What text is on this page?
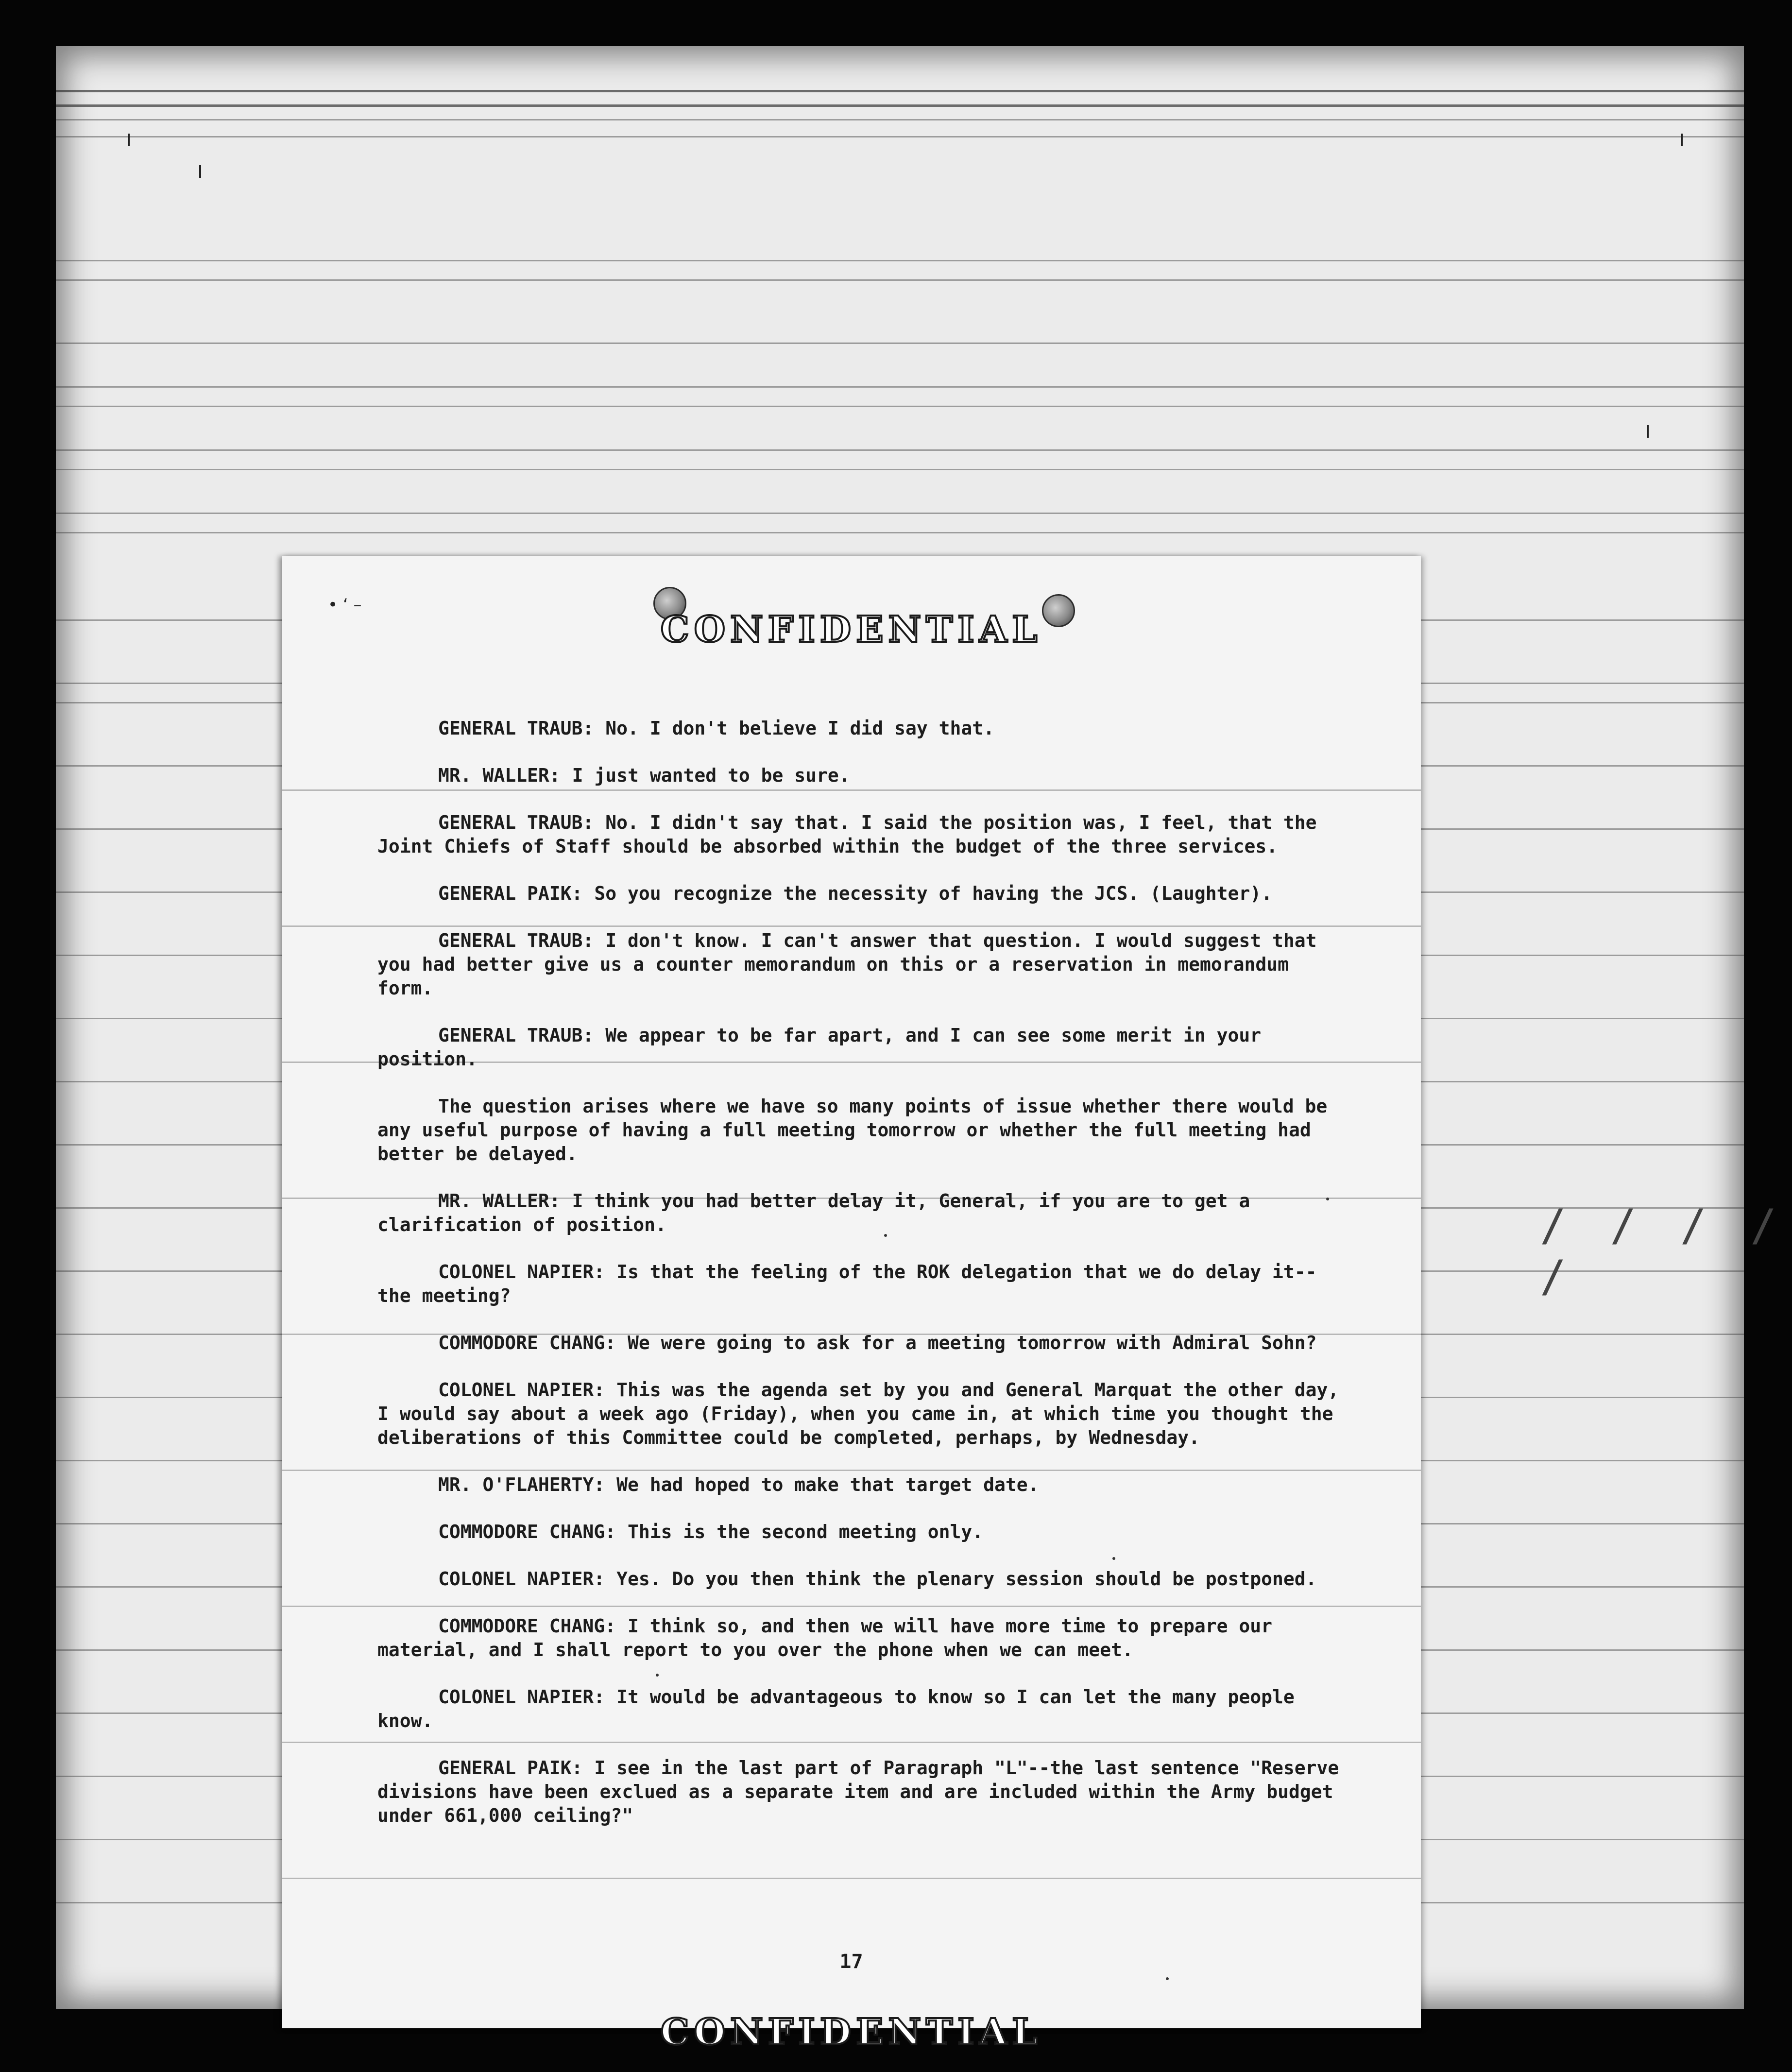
/ / / / /
• ‘ –
CONFIDENTIAL

GENERAL TRAUB: No. I don't believe I did say that.

MR. WALLER: I just wanted to be sure.

GENERAL TRAUB: No. I didn't say that. I said the position was, I feel, that the Joint Chiefs of Staff should be absorbed within the budget of the three services.

GENERAL PAIK: So you recognize the necessity of having the JCS. (Laughter).

GENERAL TRAUB: I don't know. I can't answer that question. I would suggest that you had better give us a counter memorandum on this or a reservation in memorandum form.

GENERAL TRAUB: We appear to be far apart, and I can see some merit in your position.

The question arises where we have so many points of issue whether there would be any useful purpose of having a full meeting tomorrow or whether the full meeting had better be delayed.

MR. WALLER: I think you had better delay it, General, if you are to get a clarification of position.

COLONEL NAPIER: Is that the feeling of the ROK delegation that we do delay it--the meeting?

COMMODORE CHANG: We were going to ask for a meeting tomorrow with Admiral Sohn?

COLONEL NAPIER: This was the agenda set by you and General Marquat the other day, I would say about a week ago (Friday), when you came in, at which time you thought the deliberations of this Committee could be completed, perhaps, by Wednesday.

MR. O'FLAHERTY: We had hoped to make that target date.

COMMODORE CHANG: This is the second meeting only.

COLONEL NAPIER: Yes. Do you then think the plenary session should be postponed.

COMMODORE CHANG: I think so, and then we will have more time to prepare our material, and I shall report to you over the phone when we can meet.

COLONEL NAPIER: It would be advantageous to know so I can let the many people know.

GENERAL PAIK: I see in the last part of Paragraph "L"--the last sentence "Reserve divisions have been exclued as a separate item and are included within the Army budget under 661,000 ceiling?"

17

CONFIDENTIAL
